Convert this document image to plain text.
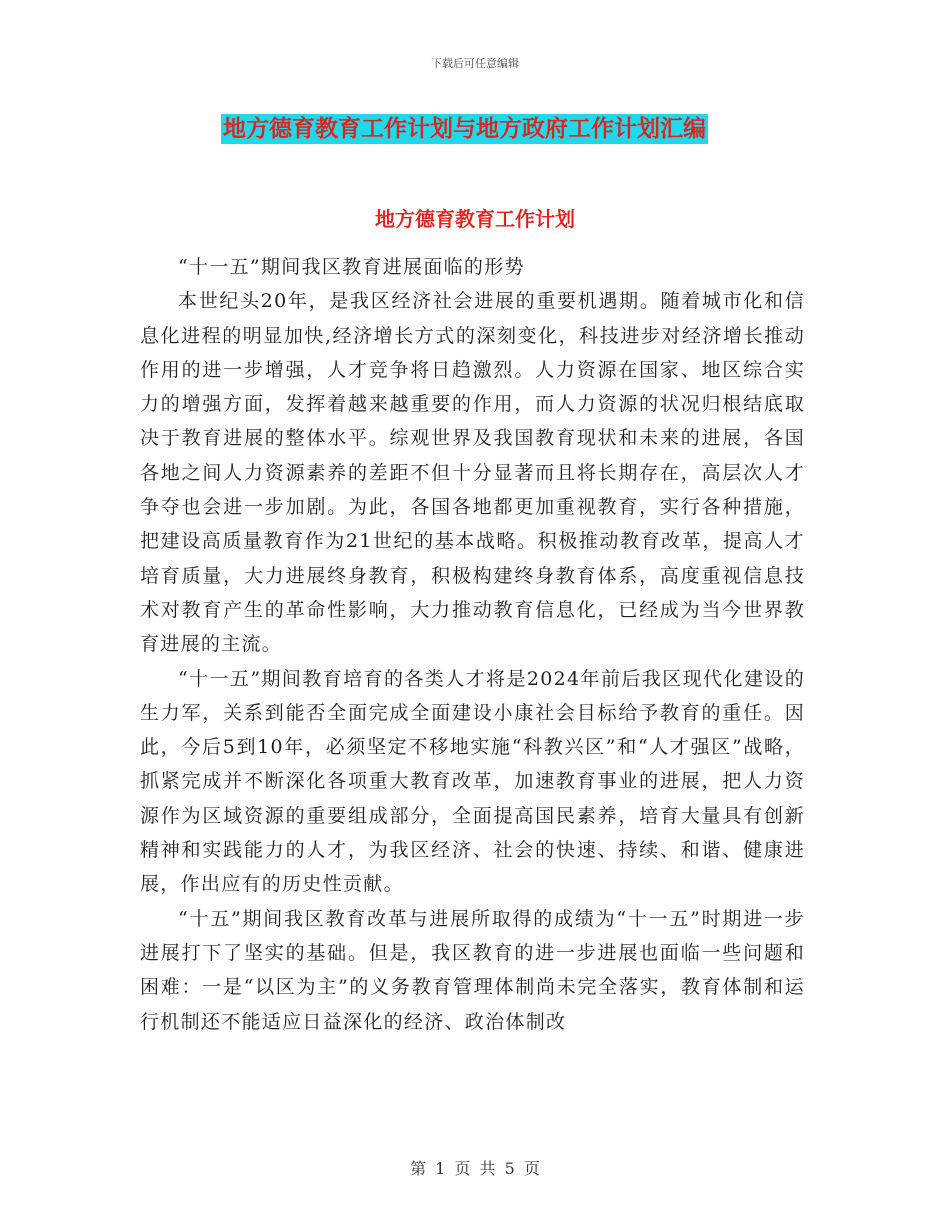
下载后可任意编辑
地方德育教育工作计划与地方政府工作计划汇编
地方德育教育工作计划

“十一五”期间我区教育进展面临的形势

本世纪头20年，是我区经济社会进展的重要机遇期。随着城市化和信息化进程的明显加快,经济增长方式的深刻变化，科技进步对经济增长推动作用的进一步增强，人才竞争将日趋激烈。人力资源在国家、地区综合实力的增强方面，发挥着越来越重要的作用，而人力资源的状况归根结底取决于教育进展的整体水平。综观世界及我国教育现状和未来的进展，各国各地之间人力资源素养的差距不但十分显著而且将长期存在，高层次人才争夺也会进一步加剧。为此，各国各地都更加重视教育，实行各种措施，把建设高质量教育作为21世纪的基本战略。积极推动教育改革，提高人才培育质量，大力进展终身教育，积极构建终身教育体系，高度重视信息技术对教育产生的革命性影响，大力推动教育信息化，已经成为当今世界教育进展的主流。

“十一五”期间教育培育的各类人才将是2024年前后我区现代化建设的生力军，关系到能否全面完成全面建设小康社会目标给予教育的重任。因此，今后5到10年，必须坚定不移地实施“科教兴区”和“人才强区”战略，抓紧完成并不断深化各项重大教育改革，加速教育事业的进展，把人力资源作为区域资源的重要组成部分，全面提高国民素养，培育大量具有创新精神和实践能力的人才，为我区经济、社会的快速、持续、和谐、健康进展，作出应有的历史性贡献。

“十五”期间我区教育改革与进展所取得的成绩为“十一五”时期进一步进展打下了坚实的基础。但是，我区教育的进一步进展也面临一些问题和困难：一是“以区为主”的义务教育管理体制尚未完全落实，教育体制和运行机制还不能适应日益深化的经济、政治体制改

第 1 页 共 5 页
